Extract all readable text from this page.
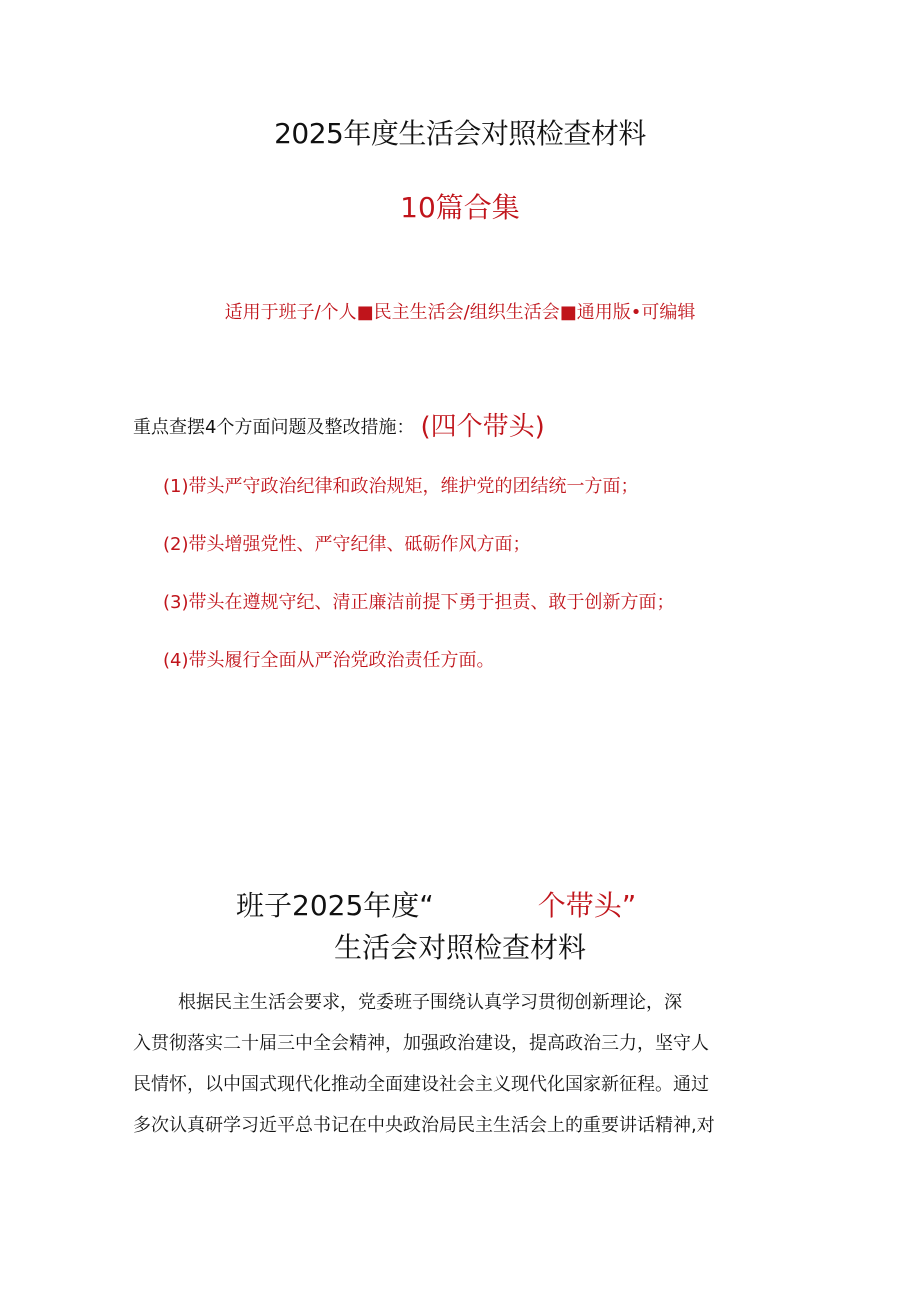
2025年度生活会对照检查材料
10篇合集
适用于班子/个人■民主生活会/组织生活会■通用版•可编辑
重点查摆4个方面问题及整改措施： (四个带头)
(1)带头严守政治纪律和政治规矩，维护党的团结统一方面；
(2)带头增强党性、严守纪律、砥砺作风方面；
(3)带头在遵规守纪、清正廉洁前提下勇于担责、敢于创新方面；
(4)带头履行全面从严治党政治责任方面。
班子2025年度“	个带头”
生活会对照检查材料
根据民主生活会要求，党委班子围绕认真学习贯彻创新理论，深
入贯彻落实二十届三中全会精神，加强政治建设，提高政治三力，坚守人
民情怀，以中国式现代化推动全面建设社会主义现代化国家新征程。通过
多次认真研学习近平总书记在中央政治局民主生活会上的重要讲话精神,对
